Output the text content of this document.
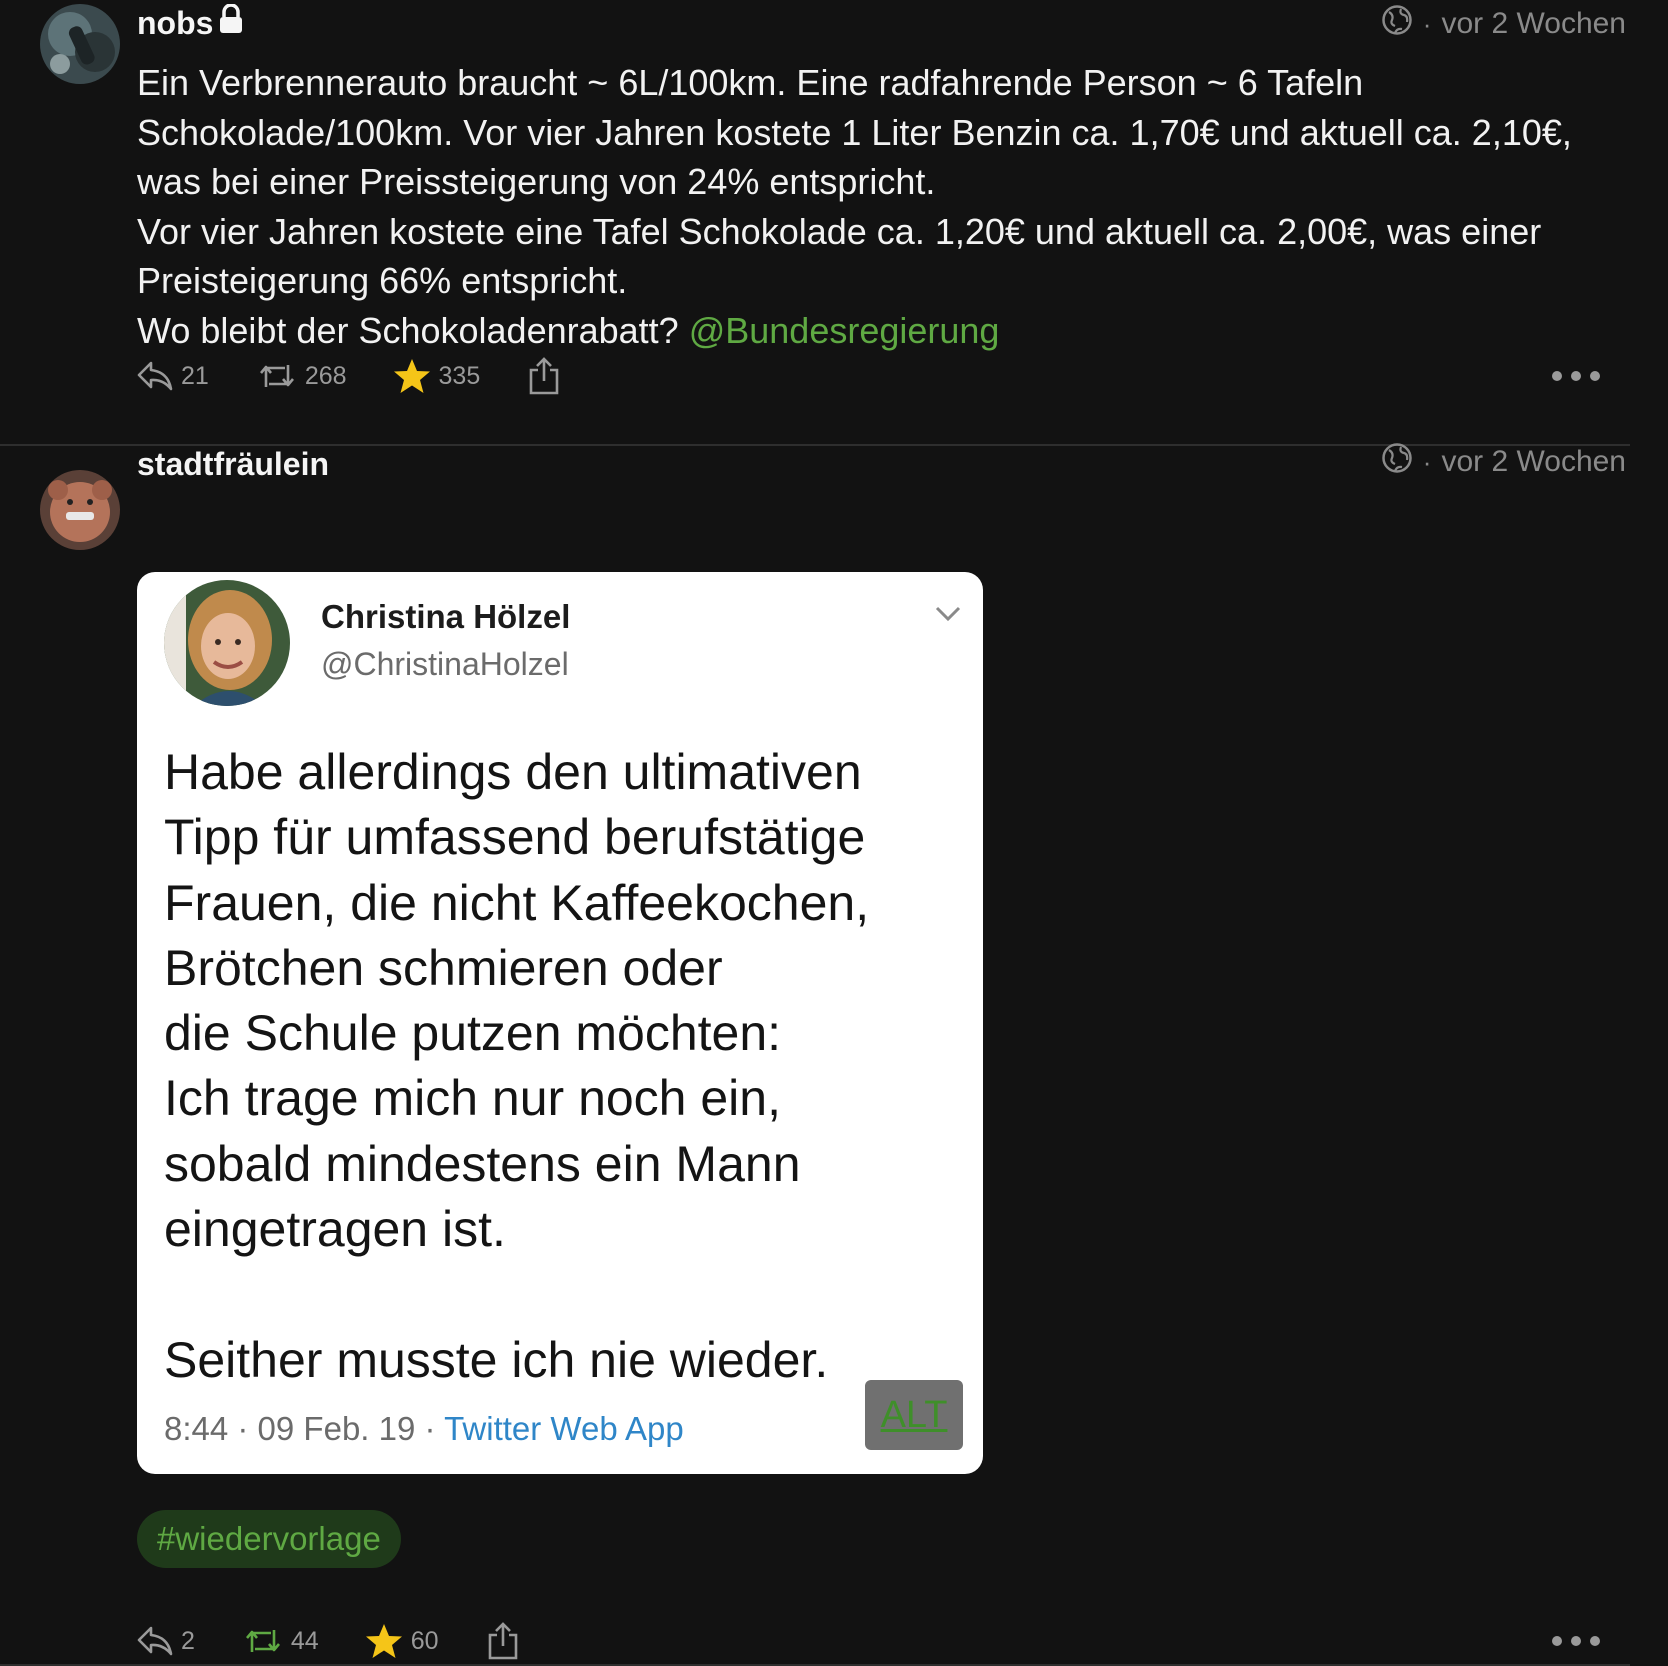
nobs	· vor 2 Wochen

Ein Verbrennerauto braucht ~ 6L/100km. Eine radfahrende Person ~ 6 Tafeln Schokolade/100km. Vor vier Jahren kostete 1 Liter Benzin ca. 1,70€ und aktuell ca. 2,10€, was bei einer Preissteigerung von 24% entspricht.

Vor vier Jahren kostete eine Tafel Schokolade ca. 1,20€ und aktuell ca. 2,00€, was einer Preisteigerung 66% entspricht.

Wo bleibt der Schokoladenrabatt? @Bundesregierung

21	268	335
stadtfräulein	· vor 2 Wochen
Christina Hölzel
@ChristinaHolzel
Habe allerdings den ultimativen
Tipp für umfassend berufstätige
Frauen, die nicht Kaffeekochen,
Brötchen schmieren oder
die Schule putzen möchten:
Ich trage mich nur noch ein,
sobald mindestens ein Mann
eingetragen ist.

Seither musste ich nie wieder.
8:44 · 09 Feb. 19 · Twitter Web App	ALT
#wiedervorlage
2	44	60
